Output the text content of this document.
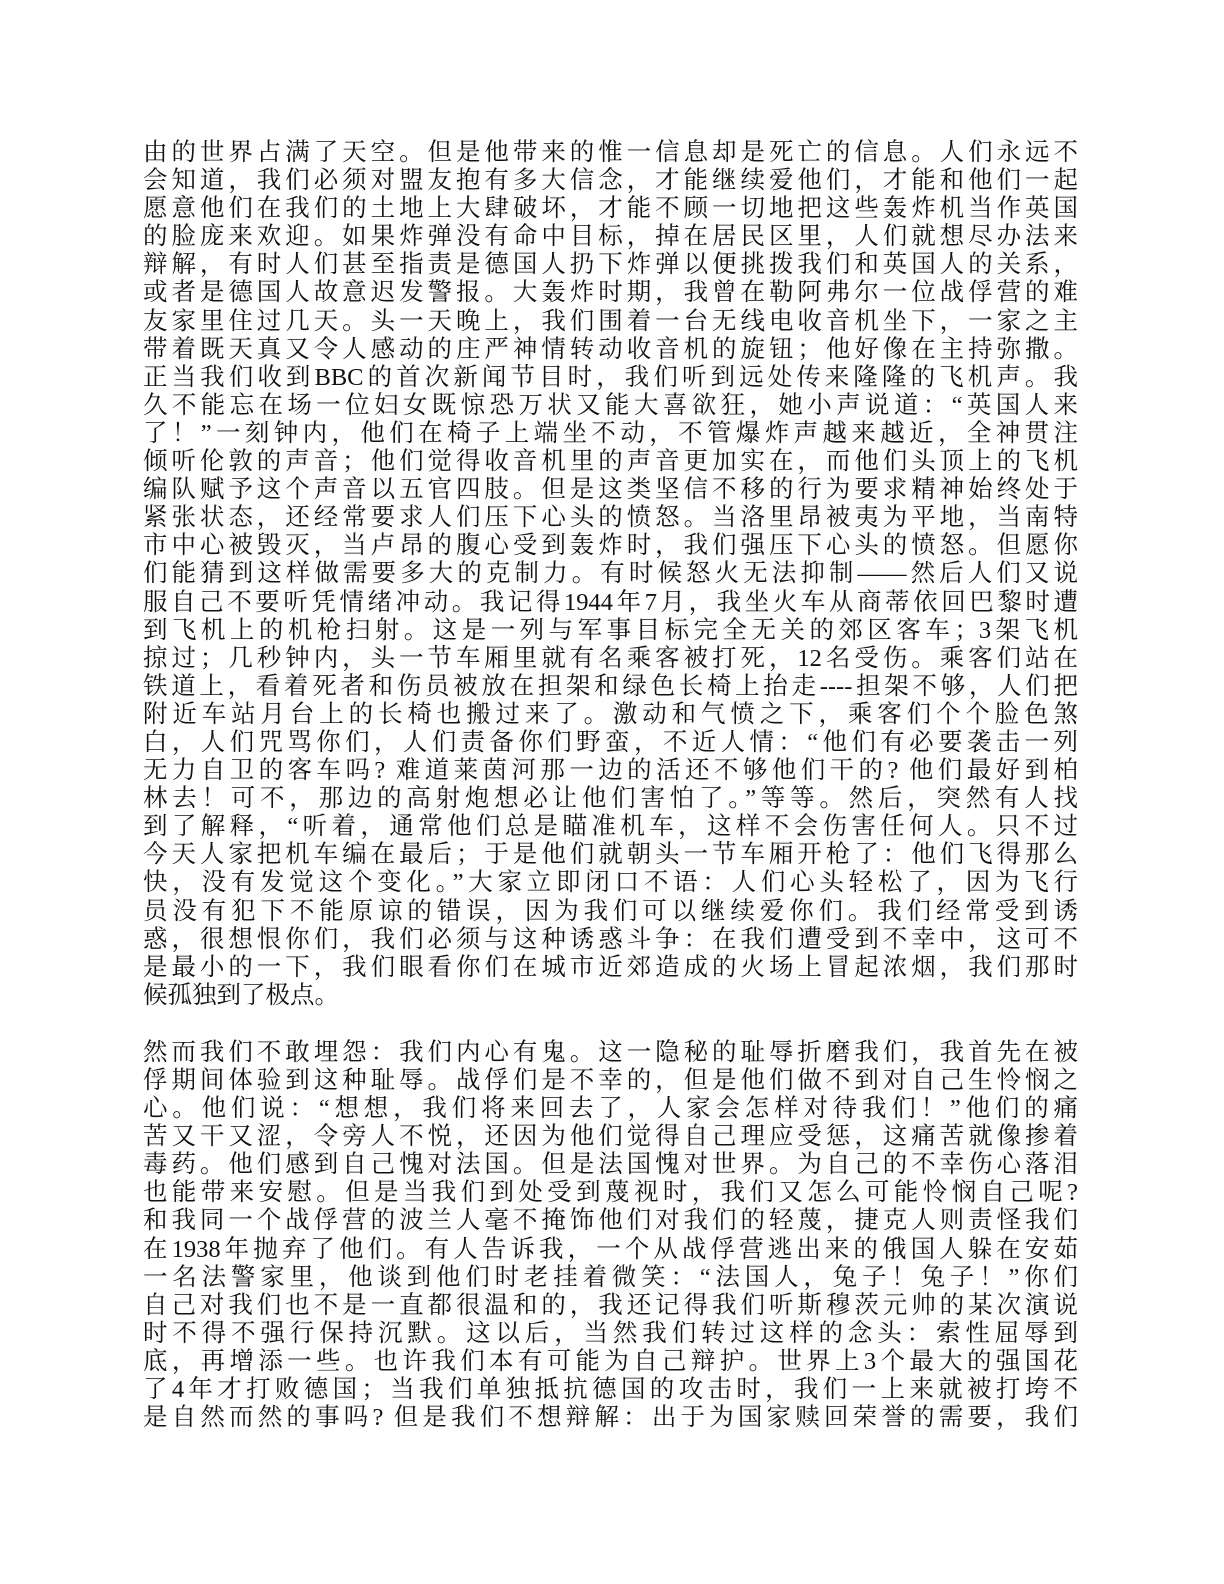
由的世界占满了天空。但是他带来的惟一信息却是死亡的信息。人们永远不
会知道，我们必须对盟友抱有多大信念，才能继续爱他们，才能和他们一起
愿意他们在我们的土地上大肆破坏，才能不顾一切地把这些轰炸机当作英国
的脸庞来欢迎。如果炸弹没有命中目标，掉在居民区里，人们就想尽办法来
辩解，有时人们甚至指责是德国人扔下炸弹以便挑拨我们和英国人的关系，
或者是德国人故意迟发警报。大轰炸时期，我曾在勒阿弗尔一位战俘营的难
友家里住过几天。头一天晚上，我们围着一台无线电收音机坐下，一家之主
带着既天真又令人感动的庄严神情转动收音机的旋钮；他好像在主持弥撒。
正当我们收到BBC的首次新闻节目时，我们听到远处传来隆隆的飞机声。我
久不能忘在场一位妇女既惊恐万状又能大喜欲狂，她小声说道：“英国人来
了！”一刻钟内，他们在椅子上端坐不动，不管爆炸声越来越近，全神贯注
倾听伦敦的声音；他们觉得收音机里的声音更加实在，而他们头顶上的飞机
编队赋予这个声音以五官四肢。但是这类坚信不移的行为要求精神始终处于
紧张状态，还经常要求人们压下心头的愤怒。当洛里昂被夷为平地，当南特
市中心被毁灭，当卢昂的腹心受到轰炸时，我们强压下心头的愤怒。但愿你
们能猜到这样做需要多大的克制力。有时候怒火无法抑制——然后人们又说
服自己不要听凭情绪冲动。我记得1944年7月，我坐火车从商蒂依回巴黎时遭
到飞机上的机枪扫射。这是一列与军事目标完全无关的郊区客车；3架飞机
掠过；几秒钟内，头一节车厢里就有名乘客被打死，12名受伤。乘客们站在
铁道上，看着死者和伤员被放在担架和绿色长椅上抬走----担架不够，人们把
附近车站月台上的长椅也搬过来了。激动和气愤之下，乘客们个个脸色煞
白，人们咒骂你们，人们责备你们野蛮，不近人情：“他们有必要袭击一列
无力自卫的客车吗? 难道莱茵河那一边的活还不够他们干的? 他们最好到柏
林去！可不，那边的高射炮想必让他们害怕了。”等等。然后，突然有人找
到了解释，“听着，通常他们总是瞄准机车，这样不会伤害任何人。只不过
今天人家把机车编在最后；于是他们就朝头一节车厢开枪了：他们飞得那么
快，没有发觉这个变化。”大家立即闭口不语：人们心头轻松了，因为飞行
员没有犯下不能原谅的错误，因为我们可以继续爱你们。我们经常受到诱
惑，很想恨你们，我们必须与这种诱惑斗争：在我们遭受到不幸中，这可不
是最小的一下，我们眼看你们在城市近郊造成的火场上冒起浓烟，我们那时
候孤独到了极点。
然而我们不敢埋怨：我们内心有鬼。这一隐秘的耻辱折磨我们，我首先在被
俘期间体验到这种耻辱。战俘们是不幸的，但是他们做不到对自己生怜悯之
心。他们说：“想想，我们将来回去了，人家会怎样对待我们！”他们的痛
苦又干又涩，令旁人不悦，还因为他们觉得自己理应受惩，这痛苦就像掺着
毒药。他们感到自己愧对法国。但是法国愧对世界。为自己的不幸伤心落泪
也能带来安慰。但是当我们到处受到蔑视时，我们又怎么可能怜悯自己呢?
和我同一个战俘营的波兰人毫不掩饰他们对我们的轻蔑，捷克人则责怪我们
在1938年抛弃了他们。有人告诉我，一个从战俘营逃出来的俄国人躲在安茹
一名法警家里，他谈到他们时老挂着微笑：“法国人，兔子！兔子！”你们
自己对我们也不是一直都很温和的，我还记得我们听斯穆茨元帅的某次演说
时不得不强行保持沉默。这以后，当然我们转过这样的念头：索性屈辱到
底，再增添一些。也许我们本有可能为自己辩护。世界上3个最大的强国花
了4年才打败德国；当我们单独抵抗德国的攻击时，我们一上来就被打垮不
是自然而然的事吗? 但是我们不想辩解：出于为国家赎回荣誉的需要，我们
